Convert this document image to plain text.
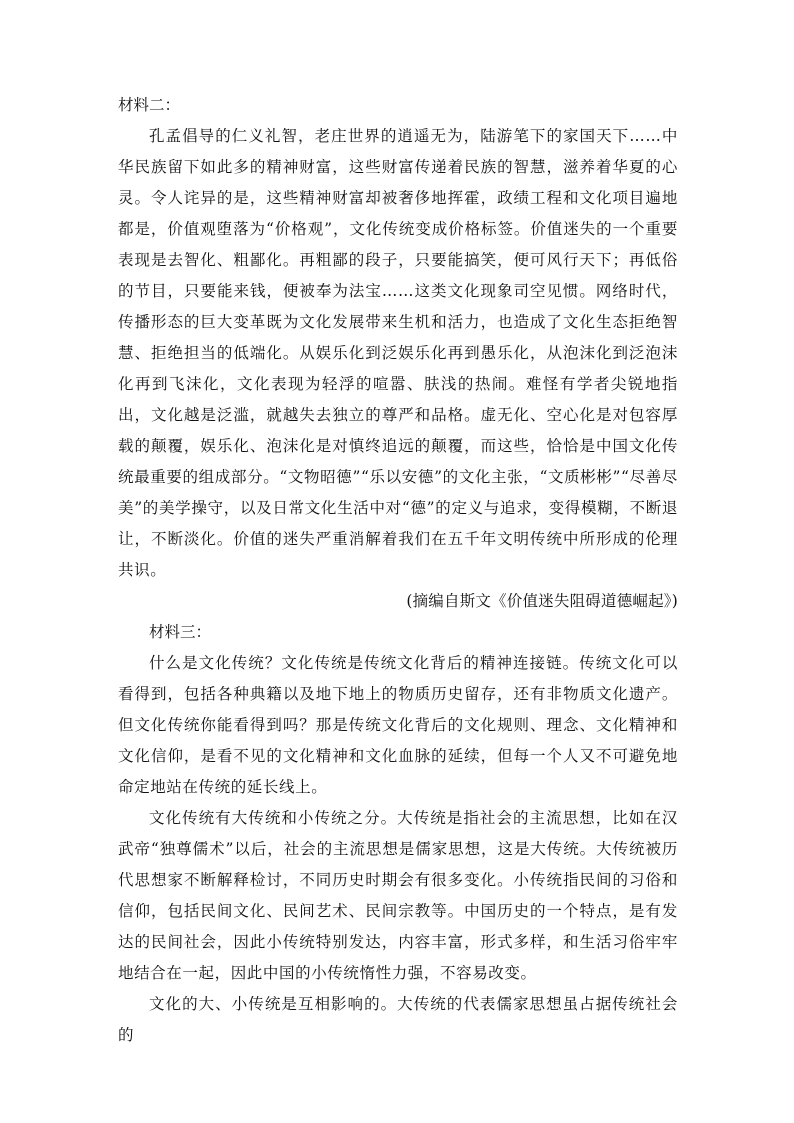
材料二：

孔孟倡导的仁义礼智，老庄世界的逍遥无为，陆游笔下的家国天下……中华民族留下如此多的精神财富，这些财富传递着民族的智慧，滋养着华夏的心灵。令人诧异的是，这些精神财富却被奢侈地挥霍，政绩工程和文化项目遍地都是，价值观堕落为“价格观”，文化传统变成价格标签。价值迷失的一个重要表现是去智化、粗鄙化。再粗鄙的段子，只要能搞笑，便可风行天下；再低俗的节目，只要能来钱，便被奉为法宝……这类文化现象司空见惯。网络时代，传播形态的巨大变革既为文化发展带来生机和活力，也造成了文化生态拒绝智慧、拒绝担当的低端化。从娱乐化到泛娱乐化再到愚乐化，从泡沫化到泛泡沫化再到飞沫化，文化表现为轻浮的喧嚣、肤浅的热闹。难怪有学者尖锐地指出，文化越是泛滥，就越失去独立的尊严和品格。虚无化、空心化是对包容厚载的颠覆，娱乐化、泡沫化是对慎终追远的颠覆，而这些，恰恰是中国文化传统最重要的组成部分。“文物昭德”“乐以安德”的文化主张，“文质彬彬”“尽善尽美”的美学操守，以及日常文化生活中对“德”的定义与追求，变得模糊，不断退让，不断淡化。价值的迷失严重消解着我们在五千年文明传统中所形成的伦理共识。

(摘编自斯文《价值迷失阻碍道德崛起》)

材料三：

什么是文化传统？文化传统是传统文化背后的精神连接链。传统文化可以看得到，包括各种典籍以及地下地上的物质历史留存，还有非物质文化遗产。但文化传统你能看得到吗？那是传统文化背后的文化规则、理念、文化精神和文化信仰，是看不见的文化精神和文化血脉的延续，但每一个人又不可避免地命定地站在传统的延长线上。

文化传统有大传统和小传统之分。大传统是指社会的主流思想，比如在汉武帝“独尊儒术”以后，社会的主流思想是儒家思想，这是大传统。大传统被历代思想家不断解释检讨，不同历史时期会有很多变化。小传统指民间的习俗和信仰，包括民间文化、民间艺术、民间宗教等。中国历史的一个特点，是有发达的民间社会，因此小传统特别发达，内容丰富，形式多样，和生活习俗牢牢地结合在一起，因此中国的小传统惰性力强，不容易改变。

文化的大、小传统是互相影响的。大传统的代表儒家思想虽占据传统社会的
